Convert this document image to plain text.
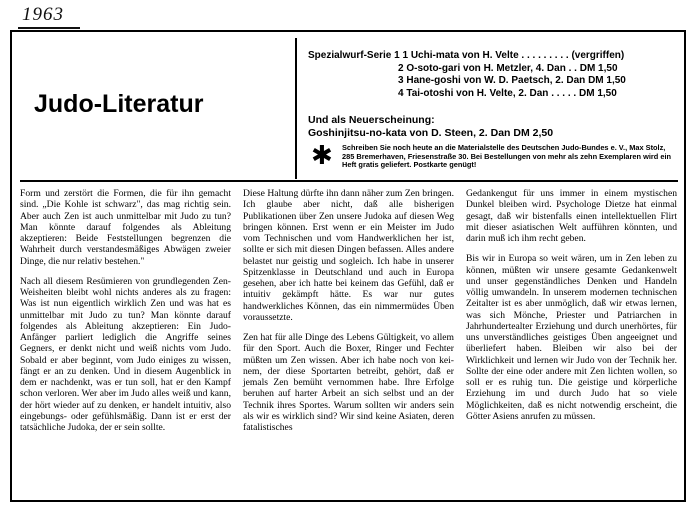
1963
Judo-Literatur
Spezialwurf-Serie 1 1 Uchi-mata von H. Velte . . . . . . . . . (vergriffen)
2 O-soto-gari von H. Metzler, 4. Dan . . DM 1,50
3 Hane-goshi von W. D. Paetsch, 2. Dan DM 1,50
4 Tai-otoshi von H. Velte, 2. Dan . . . . . DM 1,50
Und als Neuerscheinung:
Goshinjitsu-no-kata von D. Steen, 2. Dan DM 2,50
✱ Schreiben Sie noch heute an die Materialstelle des Deutschen Judo-Bundes e. V., Max Stolz, 285 Bremerhaven, Friesenstraße 30. Bei Bestellungen von mehr als zehn Exemplaren wird ein Heft gratis geliefert. Postkarte genügt!

Form und zerstört die Formen, die für ihn gemacht sind. „Die Kohle ist schwarz", das mag richtig sein. Aber auch Zen ist auch unmittelbar mit Judo zu tun? Man könnte darauf folgendes als Ableitung akzeptieren: Beide Feststellungen begrenzen die Wahrheit durch verstandesmäßiges Abwägen zweier Dinge, die nur relativ bestehen."

Nach all diesem Resümieren von grundlegenden Zen-Weisheiten bleibt wohl nichts anderes als zu fragen: Was ist nun eigentlich wirklich Zen und was hat es unmittelbar mit Judo zu tun? Man könnte darauf folgendes als Ableitung akzeptieren: Ein Judo-Anfänger parliert lediglich die Angriffe seines Gegners, er denkt nicht und weiß nichts vom Judo. Sobald er aber beginnt, vom Judo einiges zu wissen, fängt er an zu denken. Und in diesem Augenblick in dem er nachdenkt, was er tun soll, hat er den Kampf schon verloren. Wer aber im Judo alles weiß und kann, der hört wieder auf zu denken, er handelt intuitiv, also eingebungs- oder gefühlsmäßig. Dann ist er erst der tatsächliche Judoka, der er sein sollte.

Diese Haltung dürfte ihn dann näher zum Zen bringen. Ich glaube aber nicht, daß alle bisherigen Publikationen über Zen unsere Judoka auf diesen Weg bringen können. Erst wenn er ein Meister im Judo vom Technischen und vom Handwerklichen her ist, sollte er sich mit diesen Dingen befassen. Alles andere belastet nur geistig und sogleich. Ich habe in unserer Spitzenklasse in Deutschland und auch in Europa gesehen, aber ich hatte bei keinem das Gefühl, daß er intuitiv gekämpft hätte. Es war nur gutes handwerkliches Können, das ein nimmermüdes Üben voraussetzte.

Zen hat für alle Dinge des Lebens Gültigkeit, vo allem für den Sport. Auch die Boxer, Ringer und Fechter müßten um Zen wissen. Aber ich habe noch von keinem, der diese Sportarten betreibt, gehört, daß er jemals Zen bemüht vernommen habe. Ihre Erfolge beruhen auf harter Arbeit an sich selbst und an der Technik ihres Sportes. Warum sollten wir anders sein als wir es wirklich sind? Wir sind keine Asiaten, deren fatalistisches

Gedankengut für uns immer in einem mystischen Dunkel bleiben wird. Psychologe Dietze hat einmal gesagt, daß wir bistenfalls einen intellektuellen Flirt mit dieser asiatischen Welt aufführen könnten, und darin muß ich ihm recht geben.

Bis wir in Europa so weit wären, um in Zen leben zu können, müßten wir unsere gesamte Gedankenwelt und unser gegenständliches Denken und Handeln völlig umwandeln. In unserem modernen technischen Zeitalter ist es aber unmöglich, daß wir etwas lernen, was sich Mönche, Priester und Patriarchen in Jahrhundertealter Erziehung und durch unerhörtes, für uns unverständliches geistiges Üben angeeignet und überliefert haben. Bleiben wir also bei der Wirklichkeit und lernen wir Judo von der Technik her. Sollte der eine oder andere mit Zen lichten wollen, so soll er es ruhig tun. Die geistige und körperliche Erziehung im und durch Judo hat so viele Möglichkeiten, daß es nicht notwendig erscheint, die Götter Asiens anrufen zu müssen.
